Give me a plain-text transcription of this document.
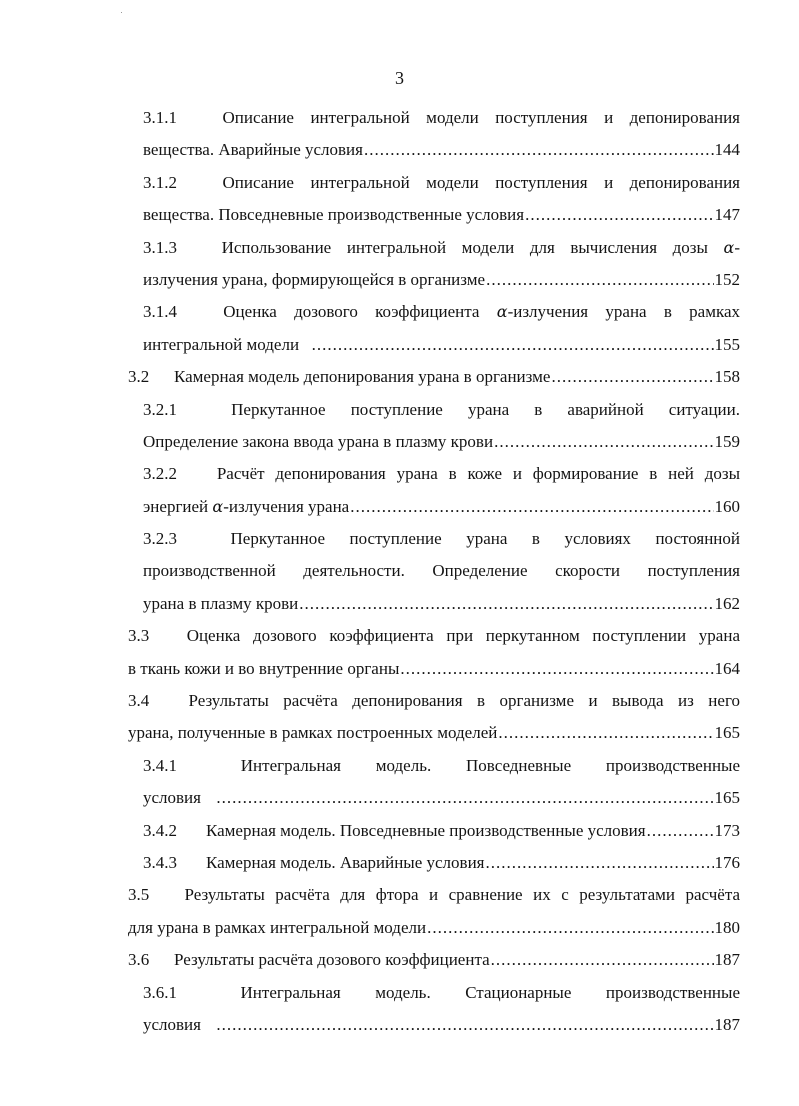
3
3.1.1	Описание интегральной модели поступления и депонирования
вещества. Аварийные условия .....	144
3.1.2	Описание интегральной модели поступления и депонирования
вещества. Повседневные производственные условия .....	147
3.1.3	Использование интегральной модели для вычисления дозы α-
излучения урана, формирующейся в организме .....	152
3.1.4	Оценка дозового коэффициента α-излучения урана в рамках
интегральной модели .....	155
3.2	Камерная модель депонирования урана в организме .....	158
3.2.1	Перкутанное поступление урана в аварийной ситуации.
Определение закона ввода урана в плазму крови .....	159
3.2.2 Расчёт депонирования урана в коже и формирование в ней дозы
энергией α-излучения урана .....	160
3.2.3	Перкутанное поступление урана в условиях постоянной
производственной деятельности. Определение скорости поступления
урана в плазму крови .....	162
3.3 Оценка дозового коэффициента при перкутанном поступлении урана
в ткань кожи и во внутренние органы .....	164
3.4 Результаты расчёта депонирования в организме и вывода из него
урана, полученные в рамках построенных моделей .....	165
3.4.1	Интегральная модель. Повседневные производственные
условия .....	165
3.4.2	Камерная модель. Повседневные производственные условия .....	173
3.4.3	Камерная модель. Аварийные условия .....	176
3.5 Результаты расчёта для фтора и сравнение их с результатами расчёта
для урана в рамках интегральной модели .....	180
3.6	Результаты расчёта дозового коэффициента .....	187
3.6.1	Интегральная модель. Стационарные производственные
условия .....	187
